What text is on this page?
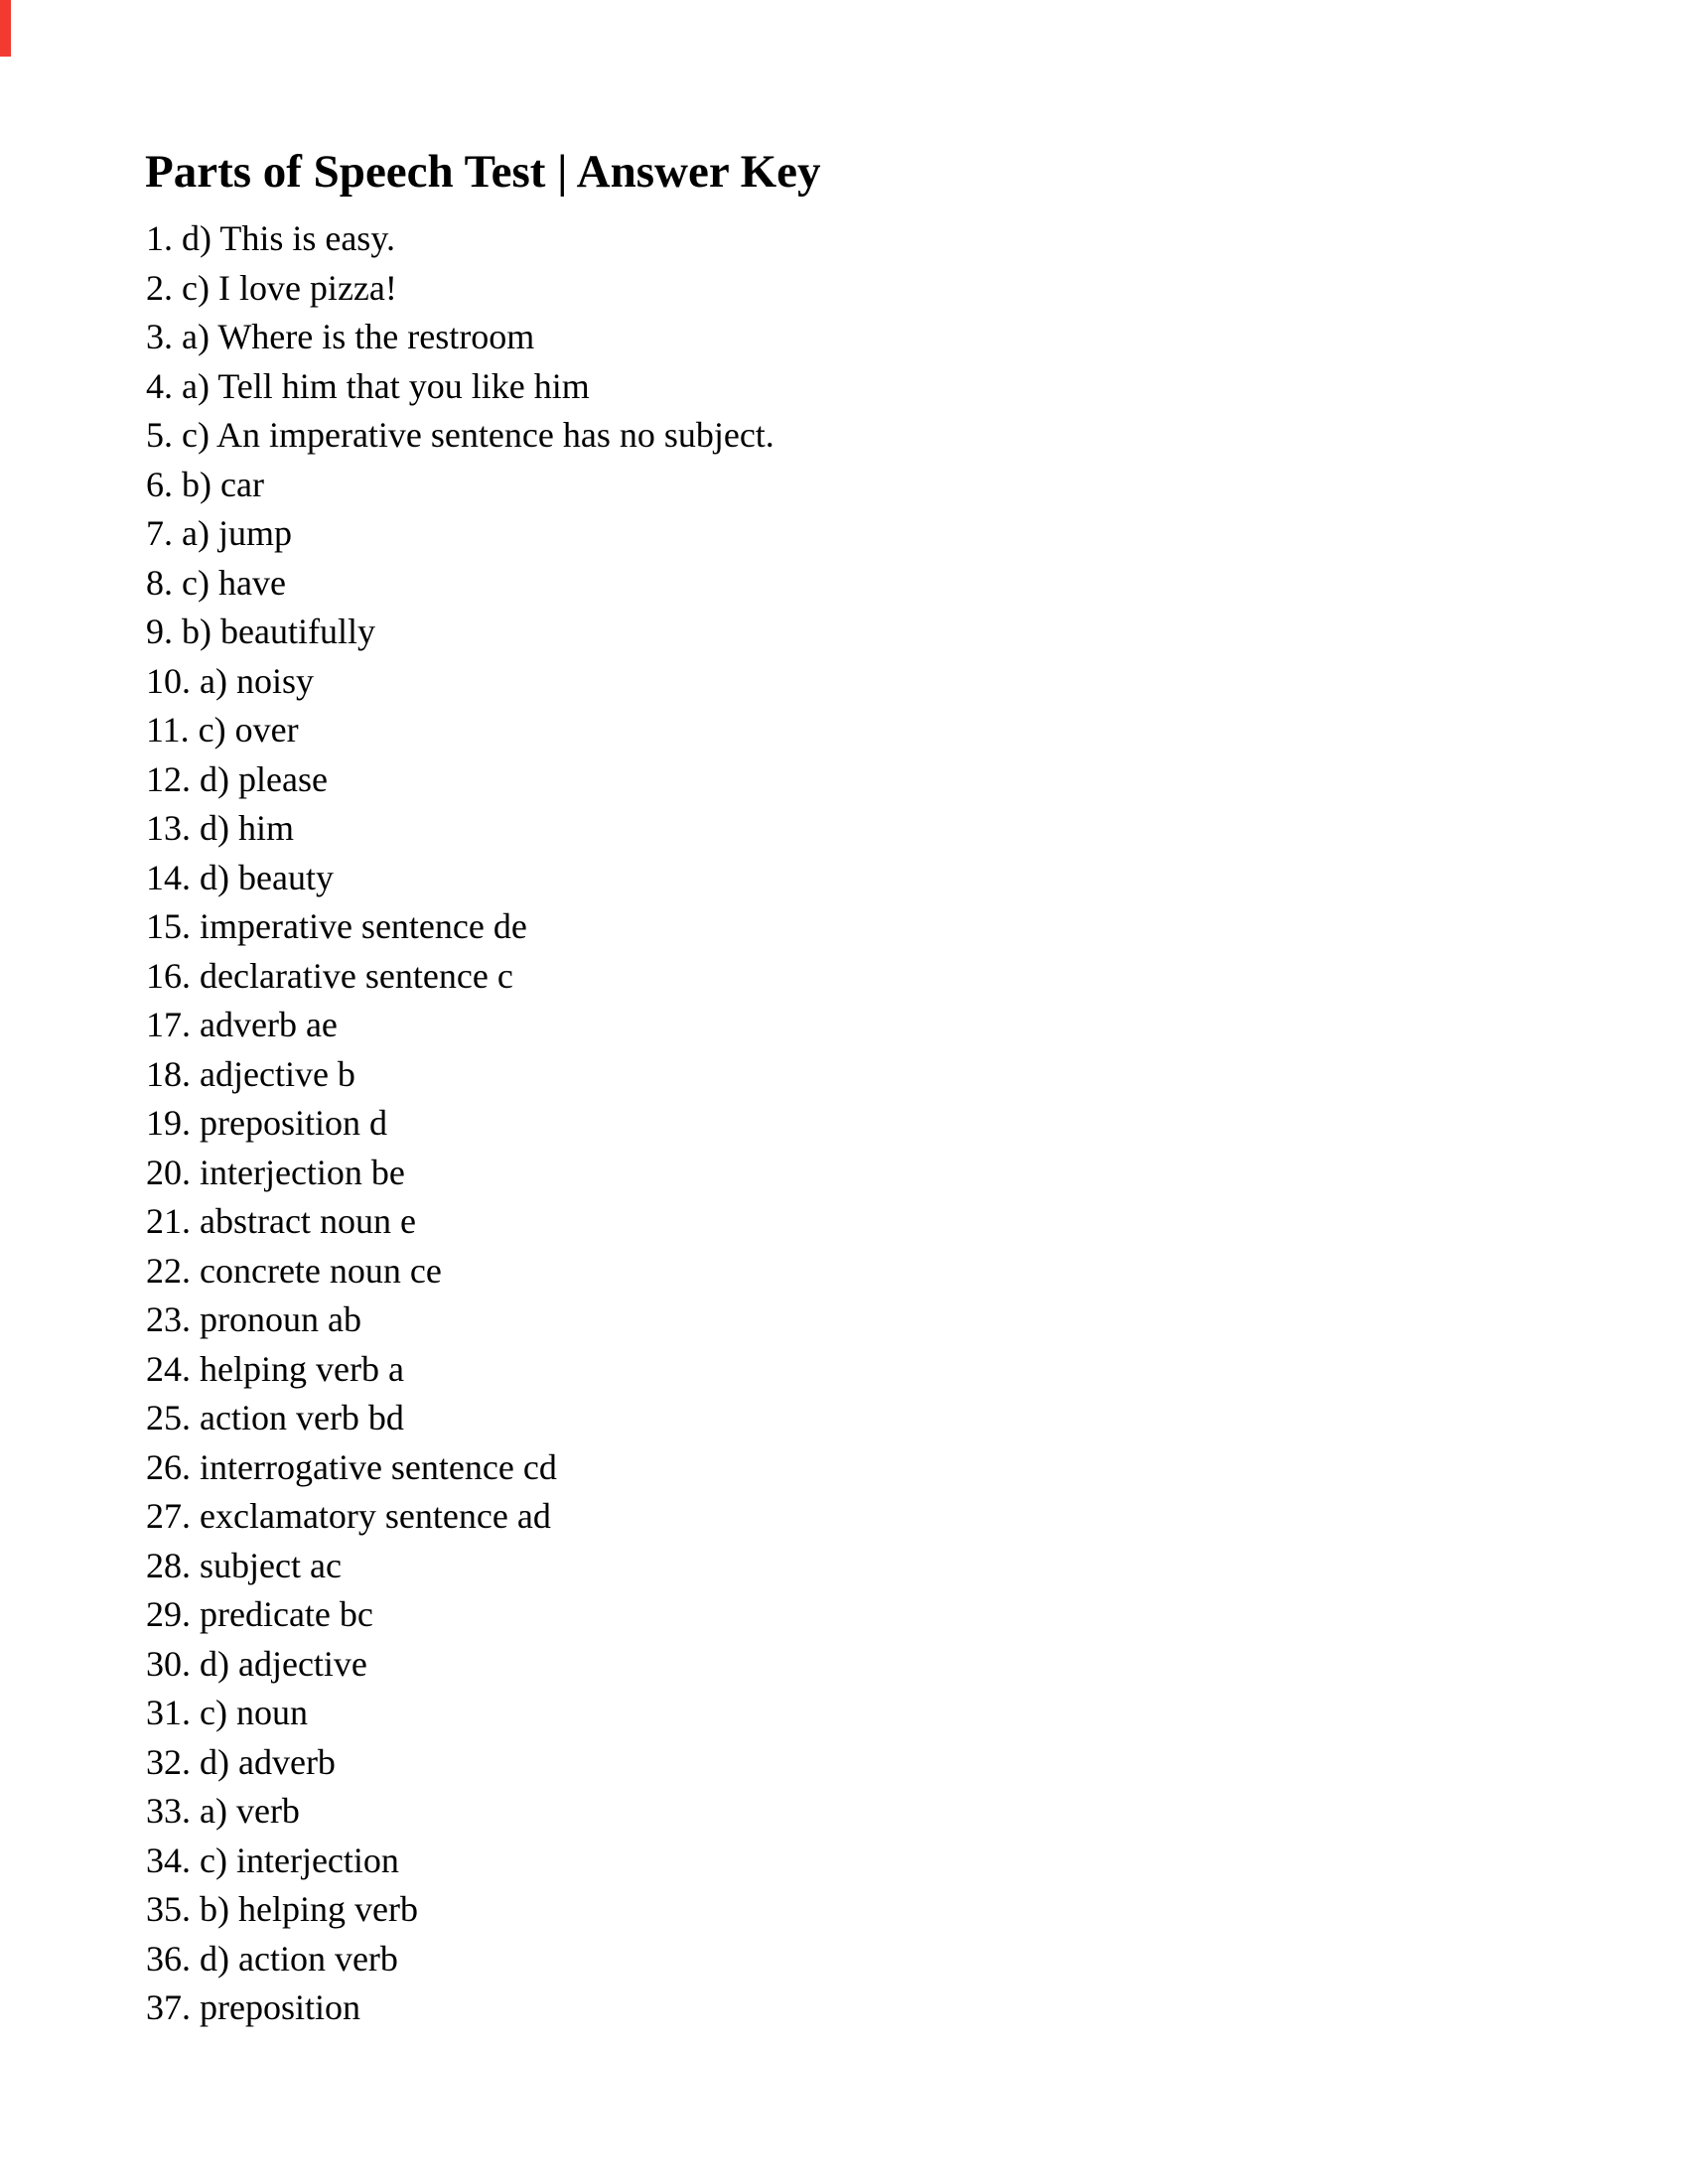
Parts of Speech Test | Answer Key
1. d) This is easy.
2. c) I love pizza!
3. a) Where is the restroom
4. a) Tell him that you like him
5. c) An imperative sentence has no subject.
6. b) car
7. a) jump
8. c) have
9. b) beautifully
10. a) noisy
11. c) over
12. d) please
13. d) him
14. d) beauty
15. imperative sentence de
16. declarative sentence c
17. adverb ae
18. adjective b
19. preposition d
20. interjection be
21. abstract noun e
22. concrete noun ce
23. pronoun ab
24. helping verb a
25. action verb bd
26. interrogative sentence cd
27. exclamatory sentence ad
28. subject ac
29. predicate bc
30. d) adjective
31. c) noun
32. d) adverb
33. a) verb
34. c) interjection
35. b) helping verb
36. d) action verb
37. preposition
